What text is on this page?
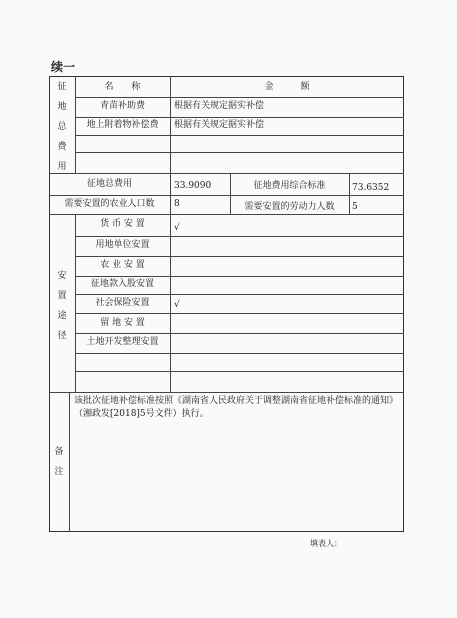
续一
征
地
总
费
用
名　　称	金　　　额
青苗补助费	根据有关规定据实补偿
地上附着物补偿费	根据有关规定据实补偿
征地总费用	33.9090	征地费用综合标准	73.6352
需要安置的农业人口数	8	需要安置的劳动力人数	5
安
置
途
径
货 币 安 置	√
用地单位安置
农 业 安 置
征地款入股安置
社会保险安置	√
留 地 安 置
土地开发整理安置
备
注
该批次征地补偿标准按照《湖南省人民政府关于调整湖南省征地补偿标准的通知》（湘政发[2018]5号文件）执行。
填表人：
